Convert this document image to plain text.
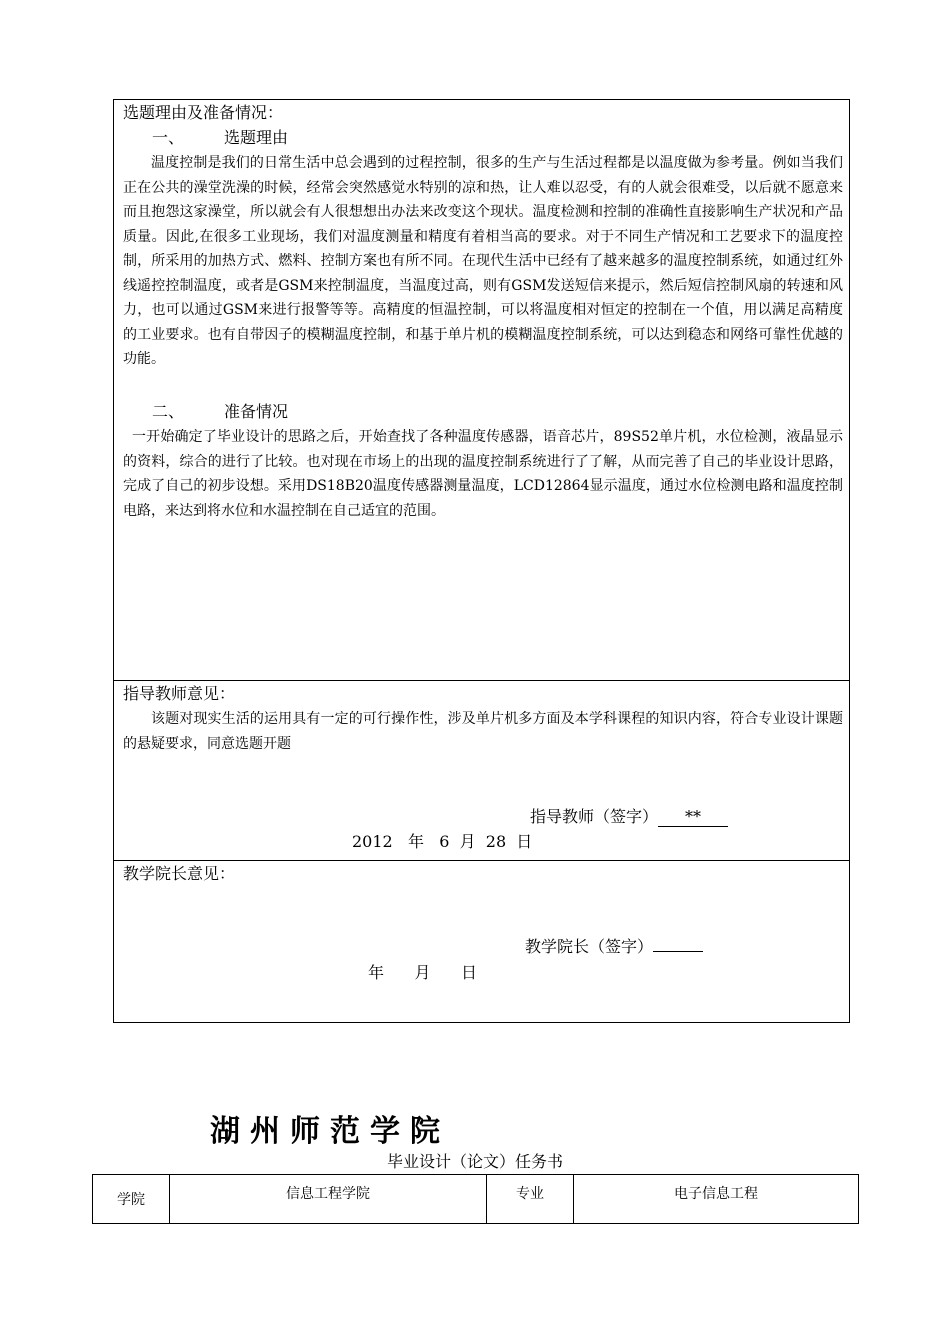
选题理由及准备情况：
一、 选题理由

温度控制是我们的日常生活中总会遇到的过程控制，很多的生产与生活过程都是以温度做为参考量。例如当我们正在公共的澡堂洗澡的时候，经常会突然感觉水特别的凉和热，让人难以忍受，有的人就会很难受，以后就不愿意来而且抱怨这家澡堂，所以就会有人很想想出办法来改变这个现状。温度检测和控制的准确性直接影响生产状况和产品质量。因此,在很多工业现场，我们对温度测量和精度有着相当高的要求。对于不同生产情况和工艺要求下的温度控制，所采用的加热方式、燃料、控制方案也有所不同。在现代生活中已经有了越来越多的温度控制系统，如通过红外线遥控控制温度，或者是GSM来控制温度，当温度过高，则有GSM发送短信来提示，然后短信控制风扇的转速和风力，也可以通过GSM来进行报警等等。高精度的恒温控制，可以将温度相对恒定的控制在一个值，用以满足高精度的工业要求。也有自带因子的模糊温度控制，和基于单片机的模糊温度控制系统，可以达到稳态和网络可靠性优越的功能。

二、 准备情况

一开始确定了毕业设计的思路之后，开始查找了各种温度传感器，语音芯片，89S52单片机，水位检测，液晶显示的资料，综合的进行了比较。也对现在市场上的出现的温度控制系统进行了了解，从而完善了自己的毕业设计思路，完成了自己的初步设想。采用DS18B20温度传感器测量温度，LCD12864显示温度，通过水位检测电路和温度控制电路，来达到将水位和水温控制在自己适宜的范围。

指导教师意见：

该题对现实生活的运用具有一定的可行操作性，涉及单片机多方面及本学科课程的知识内容，符合专业设计课题的悬疑要求，同意选题开题

指导教师（签字） **
2012   年   6  月  28  日
教学院长意见：
教学院长（签字）
年      月      日
湖州师范学院
毕业设计（论文）任务书
学院	信息工程学院	专业	电子信息工程
